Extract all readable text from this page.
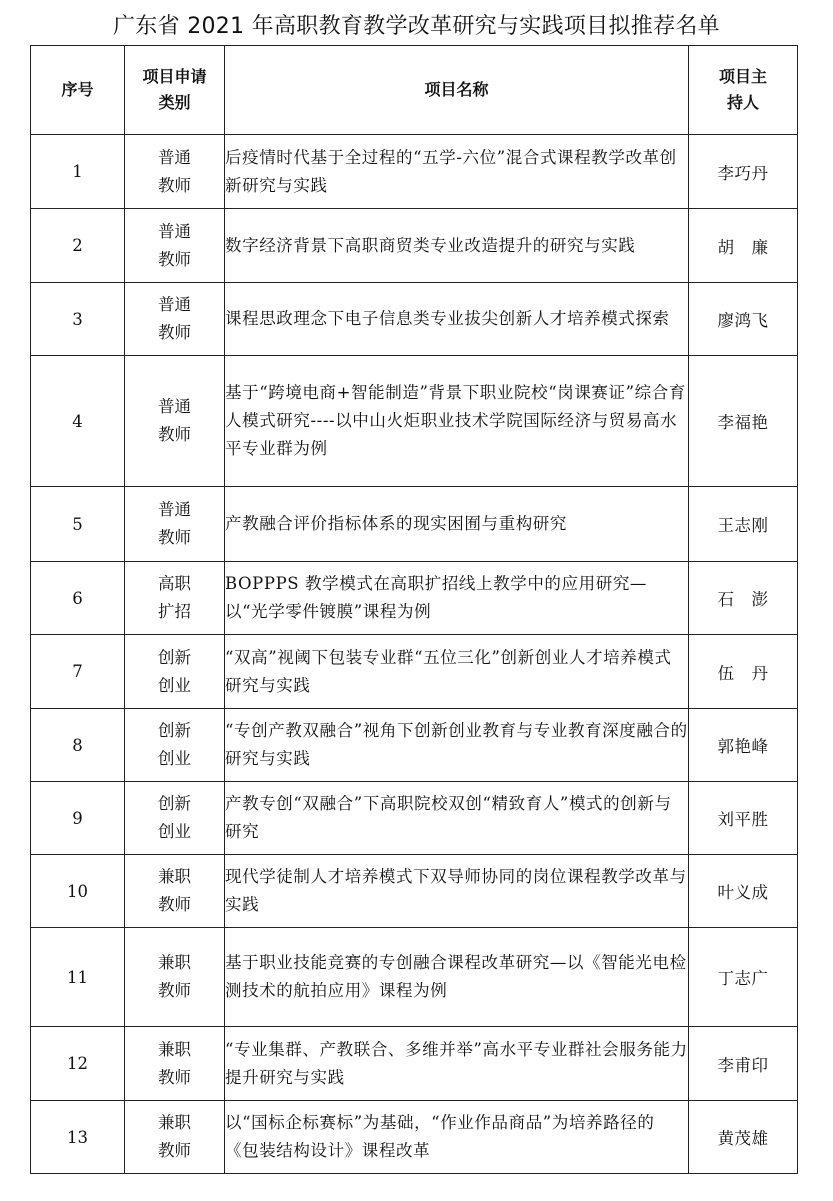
广东省 2021 年高职教育教学改革研究与实践项目拟推荐名单
序号	项目申请类别	项目名称	项目主持人

1	普通教师	后疫情时代基于全过程的“五学-六位”混合式课程教学改革创新研究与实践	李巧丹
2	普通教师	数字经济背景下高职商贸类专业改造提升的研究与实践	胡　廉
3	普通教师	课程思政理念下电子信息类专业拔尖创新人才培养模式探索	廖鸿飞
4	普通教师	基于“跨境电商+智能制造”背景下职业院校“岗课赛证”综合育人模式研究----以中山火炬职业技术学院国际经济与贸易高水平专业群为例	李福艳
5	普通教师	产教融合评价指标体系的现实困囿与重构研究	王志刚
6	高职扩招	BOPPPS 教学模式在高职扩招线上教学中的应用研究—以“光学零件镀膜”课程为例	石　澎
7	创新创业	“双高”视阈下包装专业群“五位三化”创新创业人才培养模式研究与实践	伍　丹
8	创新创业	“专创产教双融合”视角下创新创业教育与专业教育深度融合的研究与实践	郭艳峰
9	创新创业	产教专创“双融合”下高职院校双创“精致育人”模式的创新与研究	刘平胜
10	兼职教师	现代学徒制人才培养模式下双导师协同的岗位课程教学改革与实践	叶义成
11	兼职教师	基于职业技能竞赛的专创融合课程改革研究—以《智能光电检测技术的航拍应用》课程为例	丁志广
12	兼职教师	“专业集群、产教联合、多维并举”高水平专业群社会服务能力提升研究与实践	李甫印
13	兼职教师	以“国标企标赛标”为基础，“作业作品商品”为培养路径的《包装结构设计》课程改革	黄茂雄
